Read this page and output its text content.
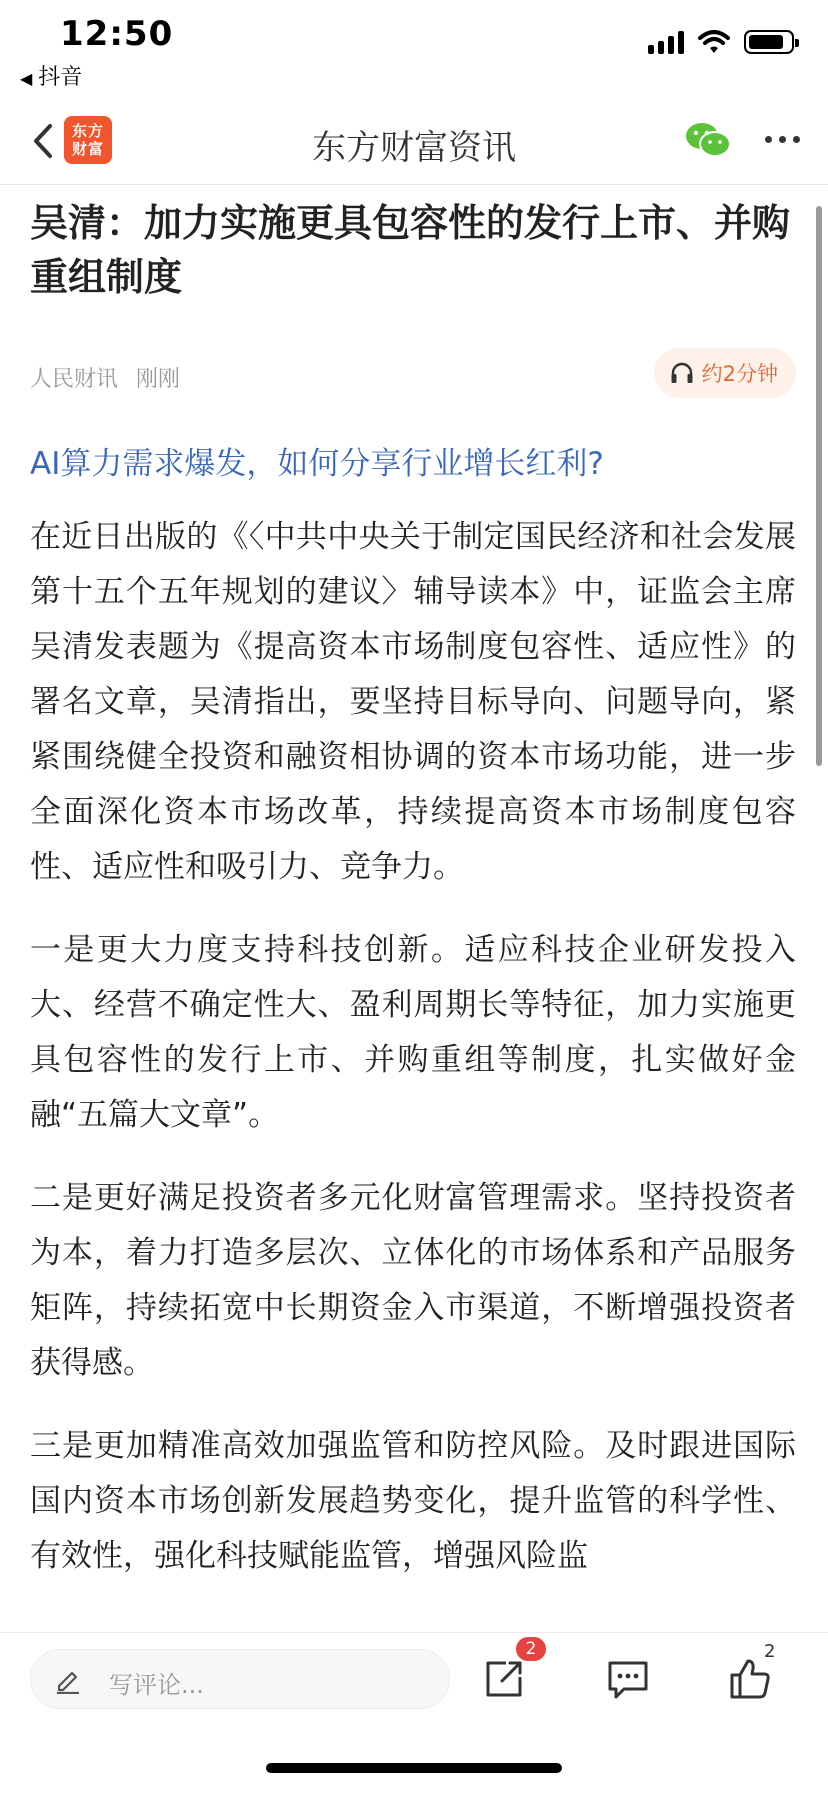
12:50
◀ 抖音
东方
财富	东方财富资讯
吴清：加力实施更具包容性的发行上市、并购重组制度
人民财讯 刚刚	约2分钟
AI算力需求爆发，如何分享行业增长红利?

在近日出版的《〈中共中央关于制定国民经济和社会发展第十五个五年规划的建议〉辅导读本》中，证监会主席吴清发表题为《提高资本市场制度包容性、适应性》的署名文章，吴清指出，要坚持目标导向、问题导向，紧紧围绕健全投资和融资相协调的资本市场功能，进一步全面深化资本市场改革，持续提高资本市场制度包容性、适应性和吸引力、竞争力。

一是更大力度支持科技创新。适应科技企业研发投入大、经营不确定性大、盈利周期长等特征，加力实施更具包容性的发行上市、并购重组等制度，扎实做好金融“五篇大文章”。

二是更好满足投资者多元化财富管理需求。坚持投资者为本，着力打造多层次、立体化的市场体系和产品服务矩阵，持续拓宽中长期资金入市渠道，不断增强投资者获得感。

三是更加精准高效加强监管和防控风险。及时跟进国际国内资本市场创新发展趋势变化，提升监管的科学性、有效性，强化科技赋能监管，增强风险监

写评论...
2	2
